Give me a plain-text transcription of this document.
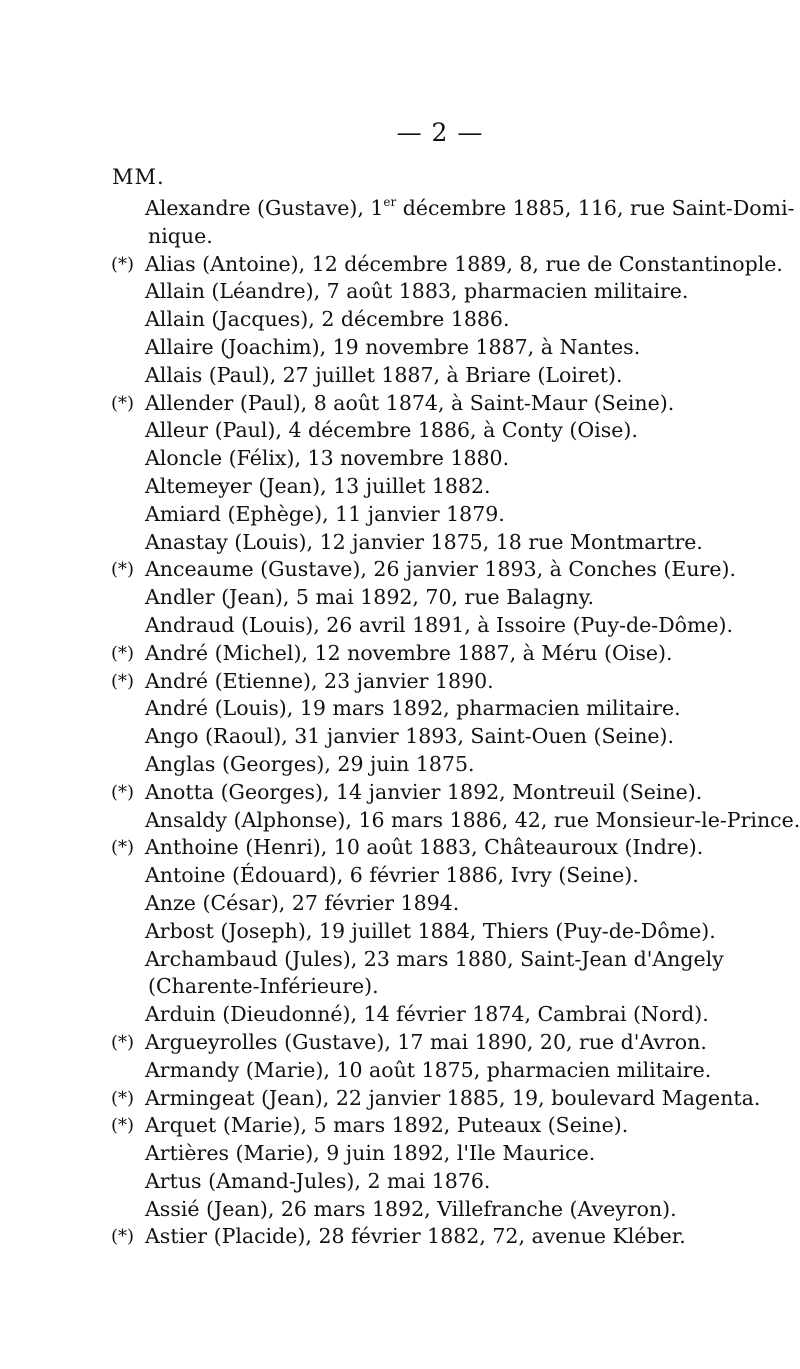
— 2 —
MM.
Alexandre (Gustave), 1er décembre 1885, 116, rue Saint-Domi-
nique.
(*) Alias (Antoine), 12 décembre 1889, 8, rue de Constantinople.
Allain (Léandre), 7 août 1883, pharmacien militaire.
Allain (Jacques), 2 décembre 1886.
Allaire (Joachim), 19 novembre 1887, à Nantes.
Allais (Paul), 27 juillet 1887, à Briare (Loiret).
(*) Allender (Paul), 8 août 1874, à Saint-Maur (Seine).
Alleur (Paul), 4 décembre 1886, à Conty (Oise).
Aloncle (Félix), 13 novembre 1880.
Altemeyer (Jean), 13 juillet 1882.
Amiard (Ephège), 11 janvier 1879.
Anastay (Louis), 12 janvier 1875, 18 rue Montmartre.
(*) Anceaume (Gustave), 26 janvier 1893, à Conches (Eure).
Andler (Jean), 5 mai 1892, 70, rue Balagny.
Andraud (Louis), 26 avril 1891, à Issoire (Puy-de-Dôme).
(*) André (Michel), 12 novembre 1887, à Méru (Oise).
(*) André (Etienne), 23 janvier 1890.
André (Louis), 19 mars 1892, pharmacien militaire.
Ango (Raoul), 31 janvier 1893, Saint-Ouen (Seine).
Anglas (Georges), 29 juin 1875.
(*) Anotta (Georges), 14 janvier 1892, Montreuil (Seine).
Ansaldy (Alphonse), 16 mars 1886, 42, rue Monsieur-le-Prince.
(*) Anthoine (Henri), 10 août 1883, Châteauroux (Indre).
Antoine (Édouard), 6 février 1886, Ivry (Seine).
Anze (César), 27 février 1894.
Arbost (Joseph), 19 juillet 1884, Thiers (Puy-de-Dôme).
Archambaud (Jules), 23 mars 1880, Saint-Jean d'Angely
(Charente-Inférieure).
Arduin (Dieudonné), 14 février 1874, Cambrai (Nord).
(*) Argueyrolles (Gustave), 17 mai 1890, 20, rue d'Avron.
Armandy (Marie), 10 août 1875, pharmacien militaire.
(*) Armingeat (Jean), 22 janvier 1885, 19, boulevard Magenta.
(*) Arquet (Marie), 5 mars 1892, Puteaux (Seine).
Artières (Marie), 9 juin 1892, l'Ile Maurice.
Artus (Amand-Jules), 2 mai 1876.
Assié (Jean), 26 mars 1892, Villefranche (Aveyron).
(*) Astier (Placide), 28 février 1882, 72, avenue Kléber.
